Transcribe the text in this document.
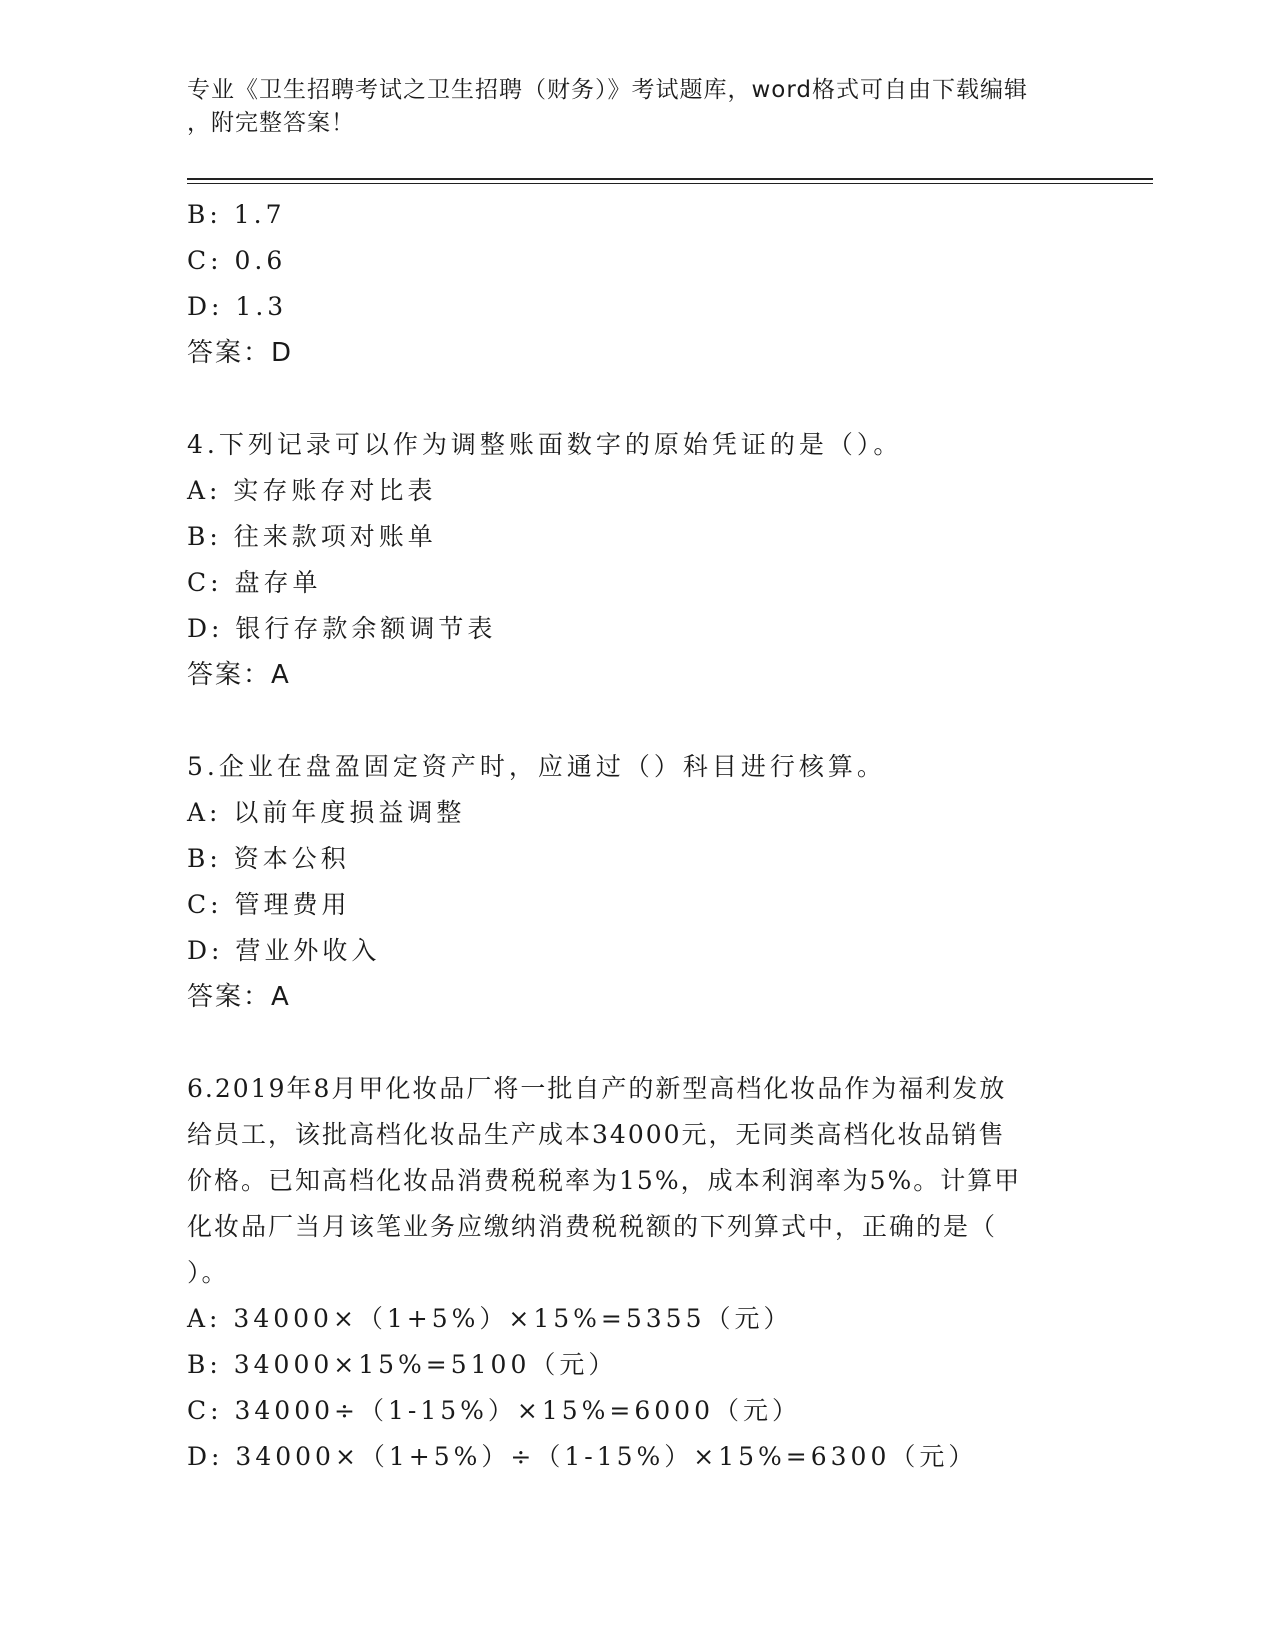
专业《卫生招聘考试之卫生招聘（财务）》考试题库，word格式可自由下载编辑
，附完整答案！
B: 1.7
C: 0.6
D: 1.3
答案：D
4.下列记录可以作为调整账面数字的原始凭证的是（）。
A: 实存账存对比表
B: 往来款项对账单
C: 盘存单
D: 银行存款余额调节表
答案：A
5.企业在盘盈固定资产时，应通过（）科目进行核算。
A: 以前年度损益调整
B: 资本公积
C: 管理费用
D: 营业外收入
答案：A
6.2019年8月甲化妆品厂将一批自产的新型高档化妆品作为福利发放
给员工，该批高档化妆品生产成本34000元，无同类高档化妆品销售
价格。已知高档化妆品消费税税率为15%，成本利润率为5%。计算甲
化妆品厂当月该笔业务应缴纳消费税税额的下列算式中，正确的是（
）。
A: 34000×（1+5%）×15%=5355（元）
B: 34000×15%=5100（元）
C: 34000÷（1-15%）×15%=6000（元）
D: 34000×（1+5%）÷（1-15%）×15%=6300（元）
